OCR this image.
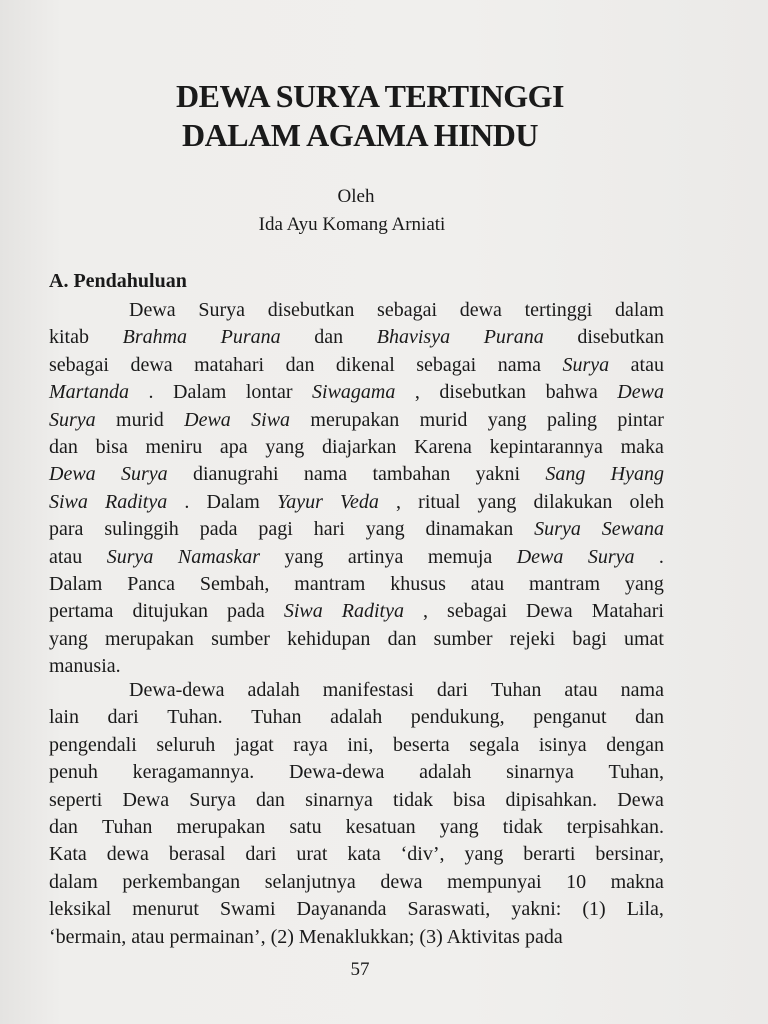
DEWA SURYA TERTINGGI
DALAM AGAMA HINDU
Oleh
Ida Ayu Komang Arniati
A. Pendahuluan
Dewa Surya disebutkan sebagai dewa tertinggi dalam
kitab Brahma Purana dan Bhavisya Purana disebutkan
sebagai dewa matahari dan dikenal sebagai nama Surya atau
Martanda . Dalam lontar Siwagama , disebutkan bahwa Dewa
Surya murid Dewa Siwa merupakan murid yang paling pintar
dan bisa meniru apa yang diajarkan Karena kepintarannya maka
Dewa Surya dianugrahi nama tambahan yakni Sang Hyang
Siwa Raditya . Dalam Yayur Veda , ritual yang dilakukan oleh
para sulinggih pada pagi hari yang dinamakan Surya Sewana
atau Surya Namaskar yang artinya memuja Dewa Surya .
Dalam Panca Sembah, mantram khusus atau mantram yang
pertama ditujukan pada Siwa Raditya , sebagai Dewa Matahari
yang merupakan sumber kehidupan dan sumber rejeki bagi umat
manusia.
Dewa-dewa adalah manifestasi dari Tuhan atau nama
lain dari Tuhan. Tuhan adalah pendukung, penganut dan
pengendali seluruh jagat raya ini, beserta segala isinya dengan
penuh keragamannya. Dewa-dewa adalah sinarnya Tuhan,
seperti Dewa Surya dan sinarnya tidak bisa dipisahkan. Dewa
dan Tuhan merupakan satu kesatuan yang tidak terpisahkan.
Kata dewa berasal dari urat kata ‘div’, yang berarti bersinar,
dalam perkembangan selanjutnya dewa mempunyai 10 makna
leksikal menurut Swami Dayananda Saraswati, yakni: (1) Lila,
‘bermain, atau permainan’, (2) Menaklukkan; (3) Aktivitas pada
57
